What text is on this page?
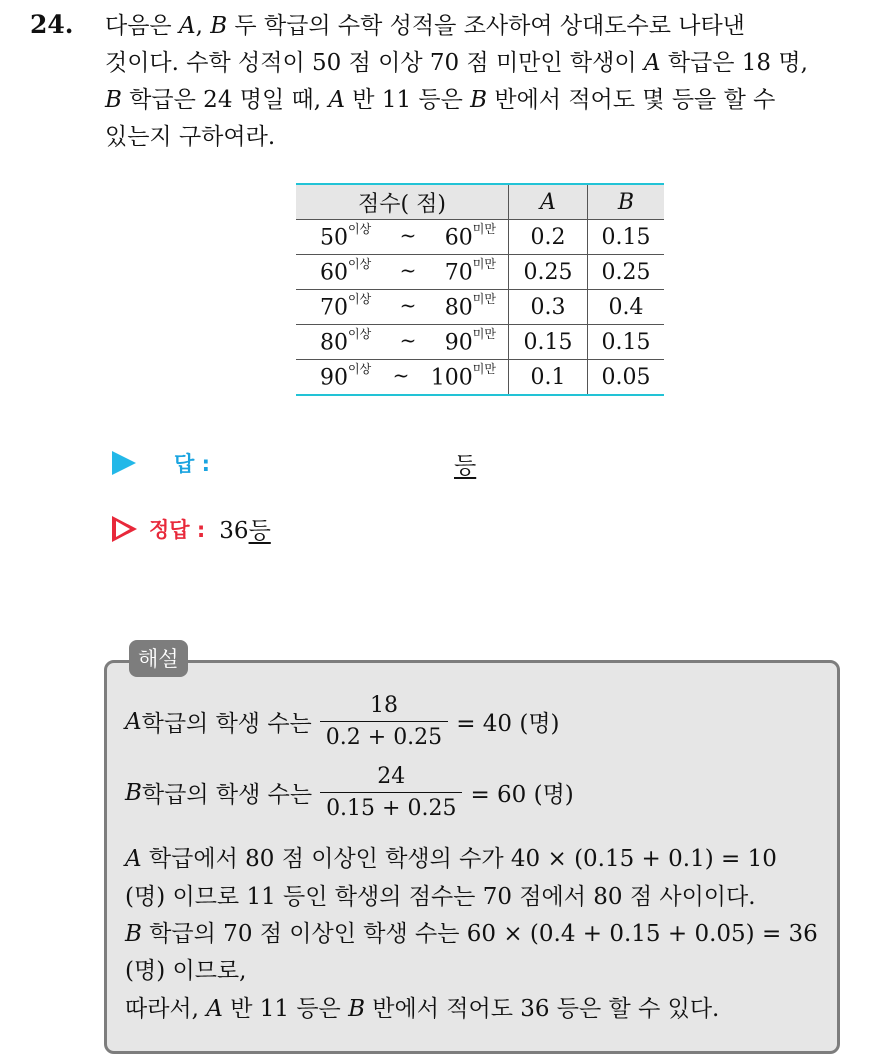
24. 다음은 A, B 두 학급의 수학 성적을 조사하여 상대도수로 나타낸
것이다. 수학 성적이 50 점 이상 70 점 미만인 학생이 A 학급은 18 명,
B 학급은 24 명일 때, A 반 11 등은 B 반에서 적어도 몇 등을 할 수
있는지 구하여라.
점수( 점)	A	B

$50^{이상}$ ~ $60^{미만}$	0.2	0.15

$60^{이상}$ ~ $70^{미만}$	0.25	0.25

$70^{이상}$ ~ $80^{미만}$	0.3	0.4

$80^{이상}$ ~ $90^{미만}$	0.15	0.15

$90^{이상}$ ~ $100^{미만}$	0.1	0.05
답 :	등
정답 : 36등
해설
A 학급의 학생 수는 $\frac{18}{0.2 + 0.25} = 40$ (명)
B 학급의 학생 수는 $\frac{24}{0.15 + 0.25} = 60$ (명)
A 학급에서 80 점 이상인 학생의 수가 40 × (0.15 + 0.1) = 10
(명) 이므로 11 등인 학생의 점수는 70 점에서 80 점 사이이다.
B 학급의 70 점 이상인 학생 수는 60 × (0.4 + 0.15 + 0.05) = 36
(명) 이므로,
따라서, A 반 11 등은 B 반에서 적어도 36 등은 할 수 있다.
